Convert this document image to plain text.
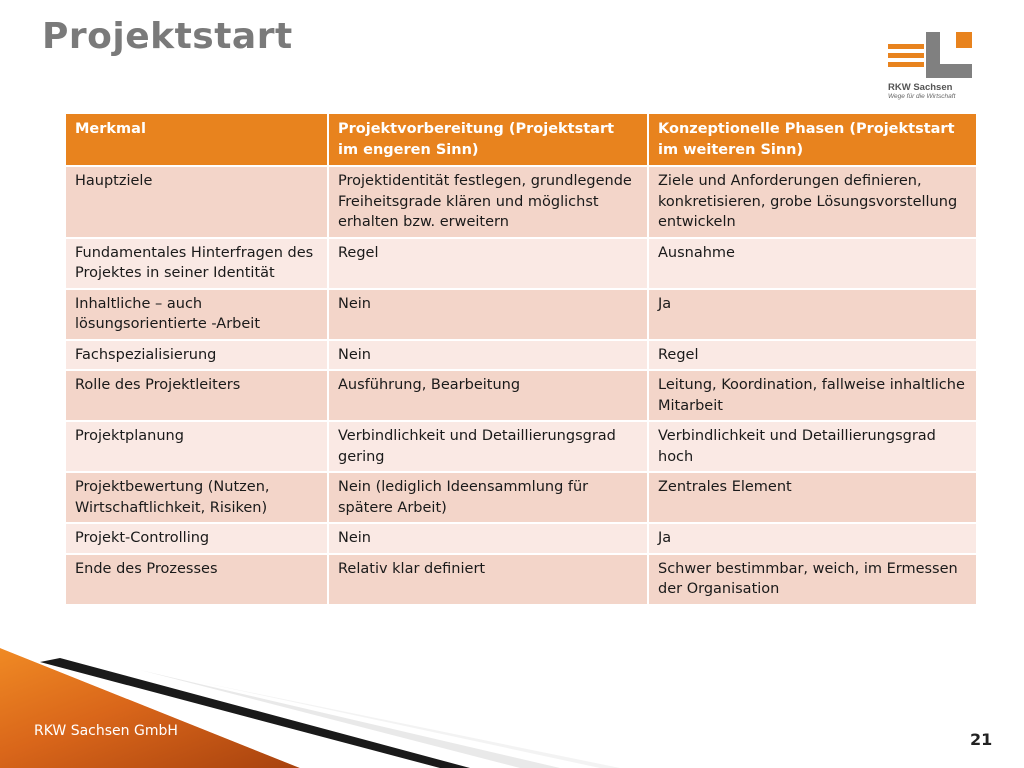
Projektstart
RKW Sachsen
Wege für die Wirtschaft
Merkmal	Projektvorbereitung (Projektstart im engeren Sinn)	Konzeptionelle Phasen (Projektstart im weiteren Sinn)
Hauptziele	Projektidentität festlegen, grundlegende Freiheitsgrade klären und möglichst erhalten bzw. erweitern	Ziele und Anforderungen definieren, konkretisieren, grobe Lösungsvorstellung entwickeln
Fundamentales Hinterfragen des Projektes in seiner Identität	Regel	Ausnahme
Inhaltliche – auch lösungsorientierte -Arbeit	Nein	Ja
Fachspezialisierung	Nein	Regel
Rolle des Projektleiters	Ausführung, Bearbeitung	Leitung, Koordination, fallweise inhaltliche Mitarbeit
Projektplanung	Verbindlichkeit und Detaillierungsgrad gering	Verbindlichkeit und Detaillierungsgrad hoch
Projektbewertung (Nutzen, Wirtschaftlichkeit, Risiken)	Nein (lediglich Ideensammlung für spätere Arbeit)	Zentrales Element
Projekt-Controlling	Nein	Ja
Ende des Prozesses	Relativ klar definiert	Schwer bestimmbar, weich, im Ermessen der Organisation
RKW Sachsen GmbH	21
